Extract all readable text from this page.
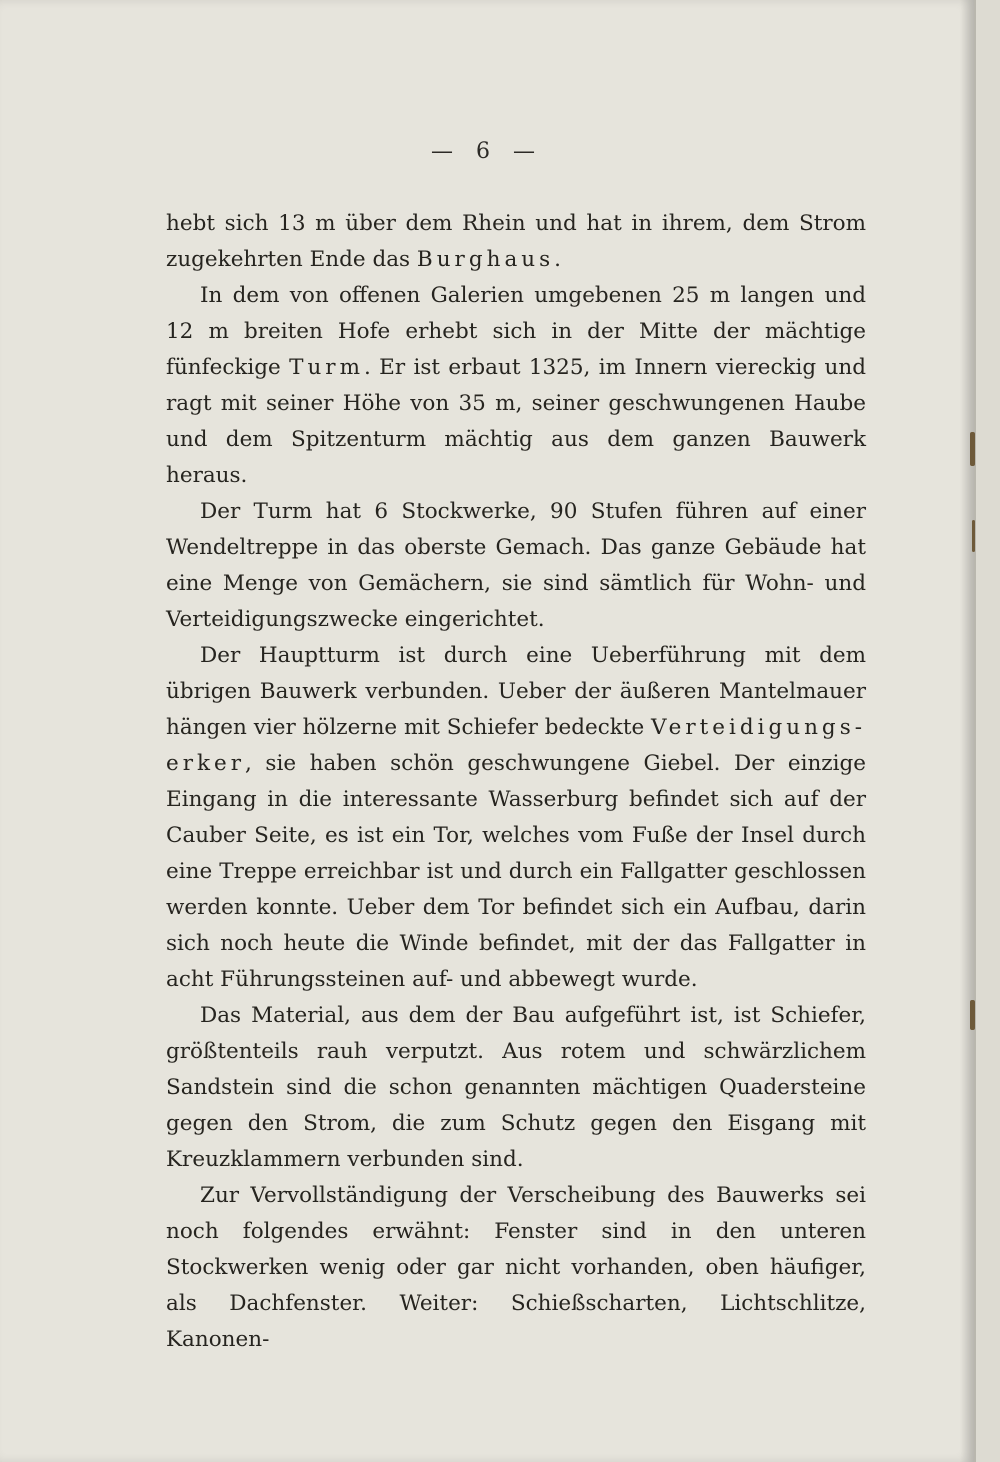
— 6 —

hebt sich 13 m über dem Rhein und hat in ihrem, dem Strom zugekehrten Ende das Burghaus.

In dem von offenen Galerien umgebenen 25 m langen und 12 m breiten Hofe erhebt sich in der Mitte der mächtige fünfeckige Turm. Er ist erbaut 1325, im Innern viereckig und ragt mit seiner Höhe von 35 m, seiner geschwungenen Haube und dem Spitzenturm mächtig aus dem ganzen Bauwerk heraus.

Der Turm hat 6 Stockwerke, 90 Stufen führen auf einer Wendeltreppe in das oberste Gemach. Das ganze Gebäude hat eine Menge von Gemächern, sie sind sämtlich für Wohn- und Verteidigungszwecke eingerichtet.

Der Hauptturm ist durch eine Ueberführung mit dem übrigen Bauwerk verbunden. Ueber der äußeren Mantelmauer hängen vier hölzerne mit Schiefer bedeckte Verteidigungs-erker, sie haben schön geschwungene Giebel. Der einzige Eingang in die interessante Wasserburg befindet sich auf der Cauber Seite, es ist ein Tor, welches vom Fuße der Insel durch eine Treppe erreichbar ist und durch ein Fallgatter geschlossen werden konnte. Ueber dem Tor befindet sich ein Aufbau, darin sich noch heute die Winde befindet, mit der das Fallgatter in acht Führungssteinen auf- und abbewegt wurde.

Das Material, aus dem der Bau aufgeführt ist, ist Schiefer, größtenteils rauh verputzt. Aus rotem und schwärzlichem Sandstein sind die schon genannten mächtigen Quadersteine gegen den Strom, die zum Schutz gegen den Eisgang mit Kreuzklammern verbunden sind.

Zur Vervollständigung der Verscheibung des Bauwerks sei noch folgendes erwähnt: Fenster sind in den unteren Stockwerken wenig oder gar nicht vorhanden, oben häufiger, als Dachfenster. Weiter: Schießscharten, Lichtschlitze, Kanonen-
